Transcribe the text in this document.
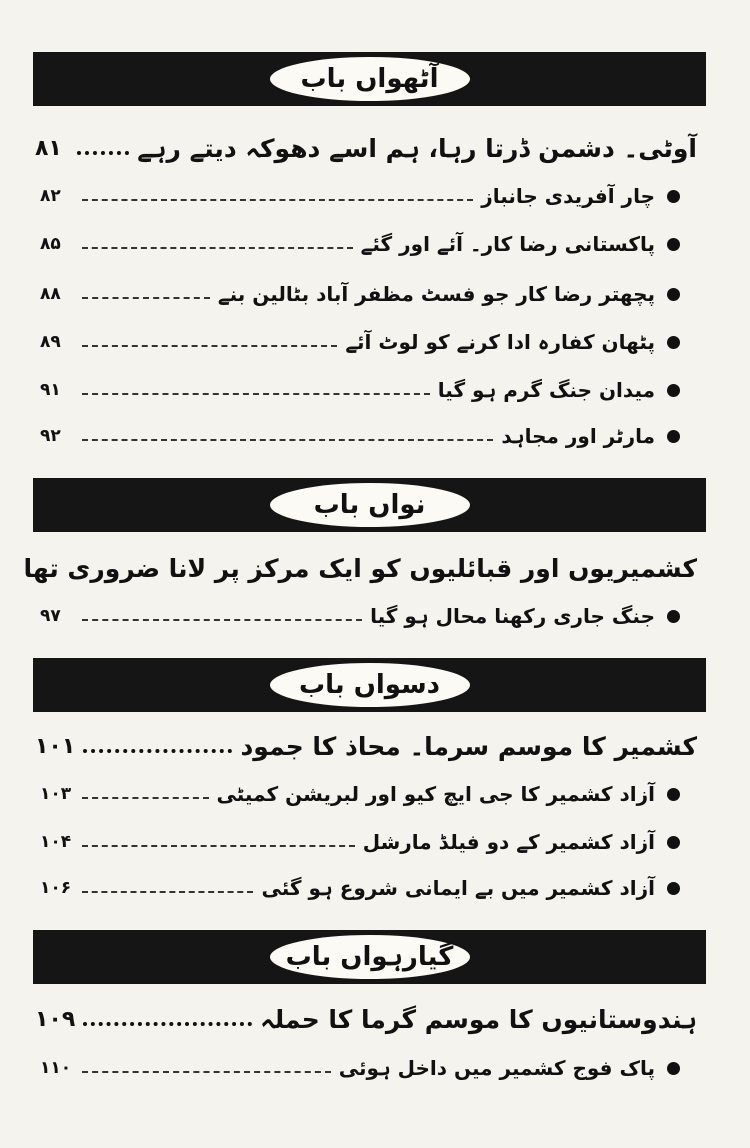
آٹھواں باب
آوٹی۔ دشمن ڈرتا رہا، ہم اسے دھوکہ دیتے رہے
۸۱
چار آفریدی جانباز
۸۲
پاکستانی رضا کار۔ آئے اور گئے
۸۵
پچھتر رضا کار جو فسٹ مظفر آباد بٹالین بنے
۸۸
پٹھان کفارہ ادا کرنے کو لوٹ آئے
۸۹
میدان جنگ گرم ہو گیا
۹۱
مارٹر اور مجاہد
۹۲
نواں باب
کشمیریوں اور قبائلیوں کو ایک مرکز پر لانا ضروری تھا
جنگ جاری رکھنا محال ہو گیا
۹۷
دسواں باب
کشمیر کا موسم سرما۔ محاذ کا جمود
۱۰۱
آزاد کشمیر کا جی ایچ کیو اور لبریشن کمیٹی
۱۰۳
آزاد کشمیر کے دو فیلڈ مارشل
۱۰۴
آزاد کشمیر میں بے ایمانی شروع ہو گئی
۱۰۶
گیارہواں باب
ہندوستانیوں کا موسم گرما کا حملہ
۱۰۹
پاک فوج کشمیر میں داخل ہوئی
۱۱۰
